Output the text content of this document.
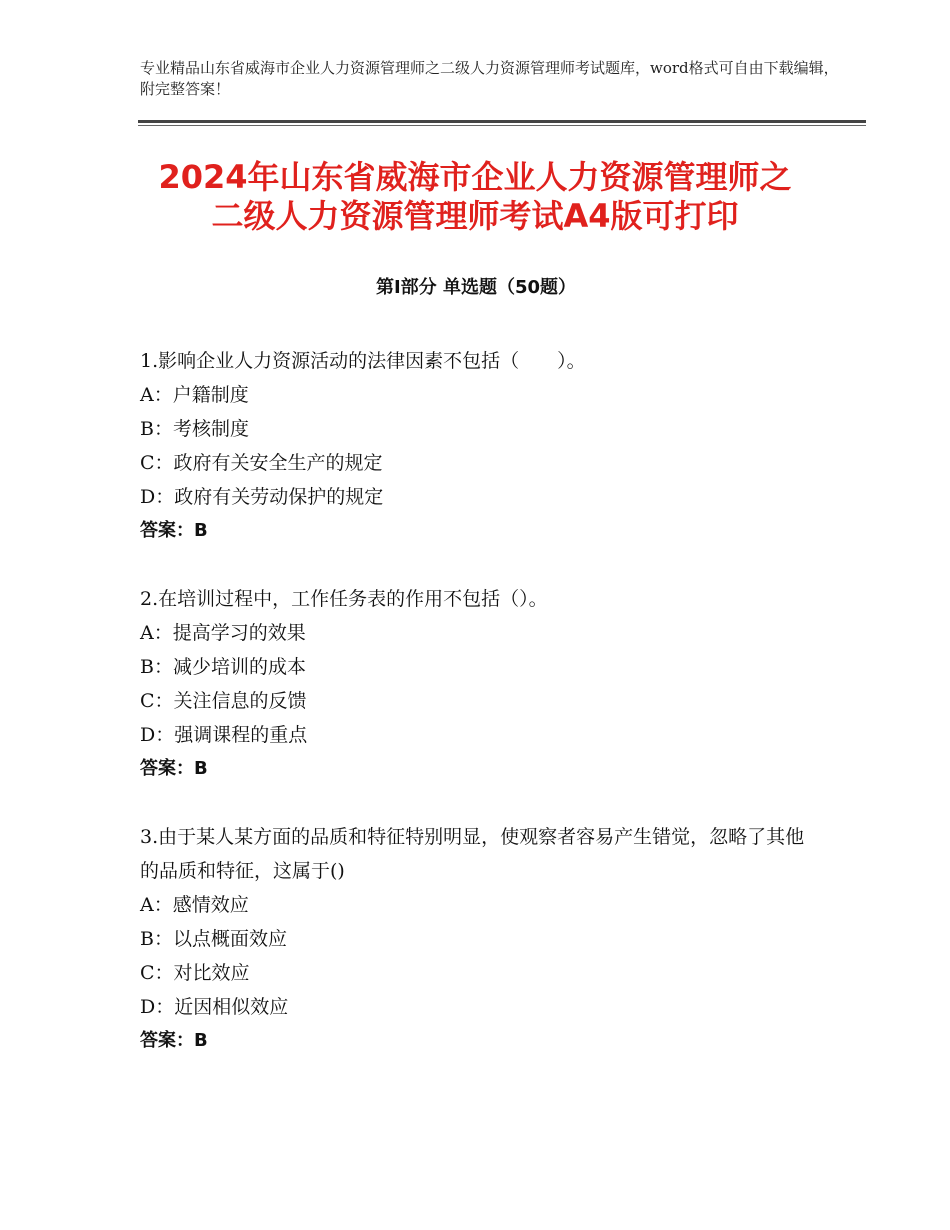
专业精品山东省威海市企业人力资源管理师之二级人力资源管理师考试题库，word格式可自由下载编辑，附完整答案！
2024年山东省威海市企业人力资源管理师之
二级人力资源管理师考试A4版可打印
第Ⅰ部分 单选题（50题）
1.影响企业人力资源活动的法律因素不包括（　　）。
A：户籍制度
B：考核制度
C：政府有关安全生产的规定
D：政府有关劳动保护的规定
答案：B
2.在培训过程中，工作任务表的作用不包括（）。
A：提高学习的效果
B：减少培训的成本
C：关注信息的反馈
D：强调课程的重点
答案：B
3.由于某人某方面的品质和特征特别明显，使观察者容易产生错觉，忽略了其他的品质和特征，这属于()
A：感情效应
B：以点概面效应
C：对比效应
D：近因相似效应
答案：B
